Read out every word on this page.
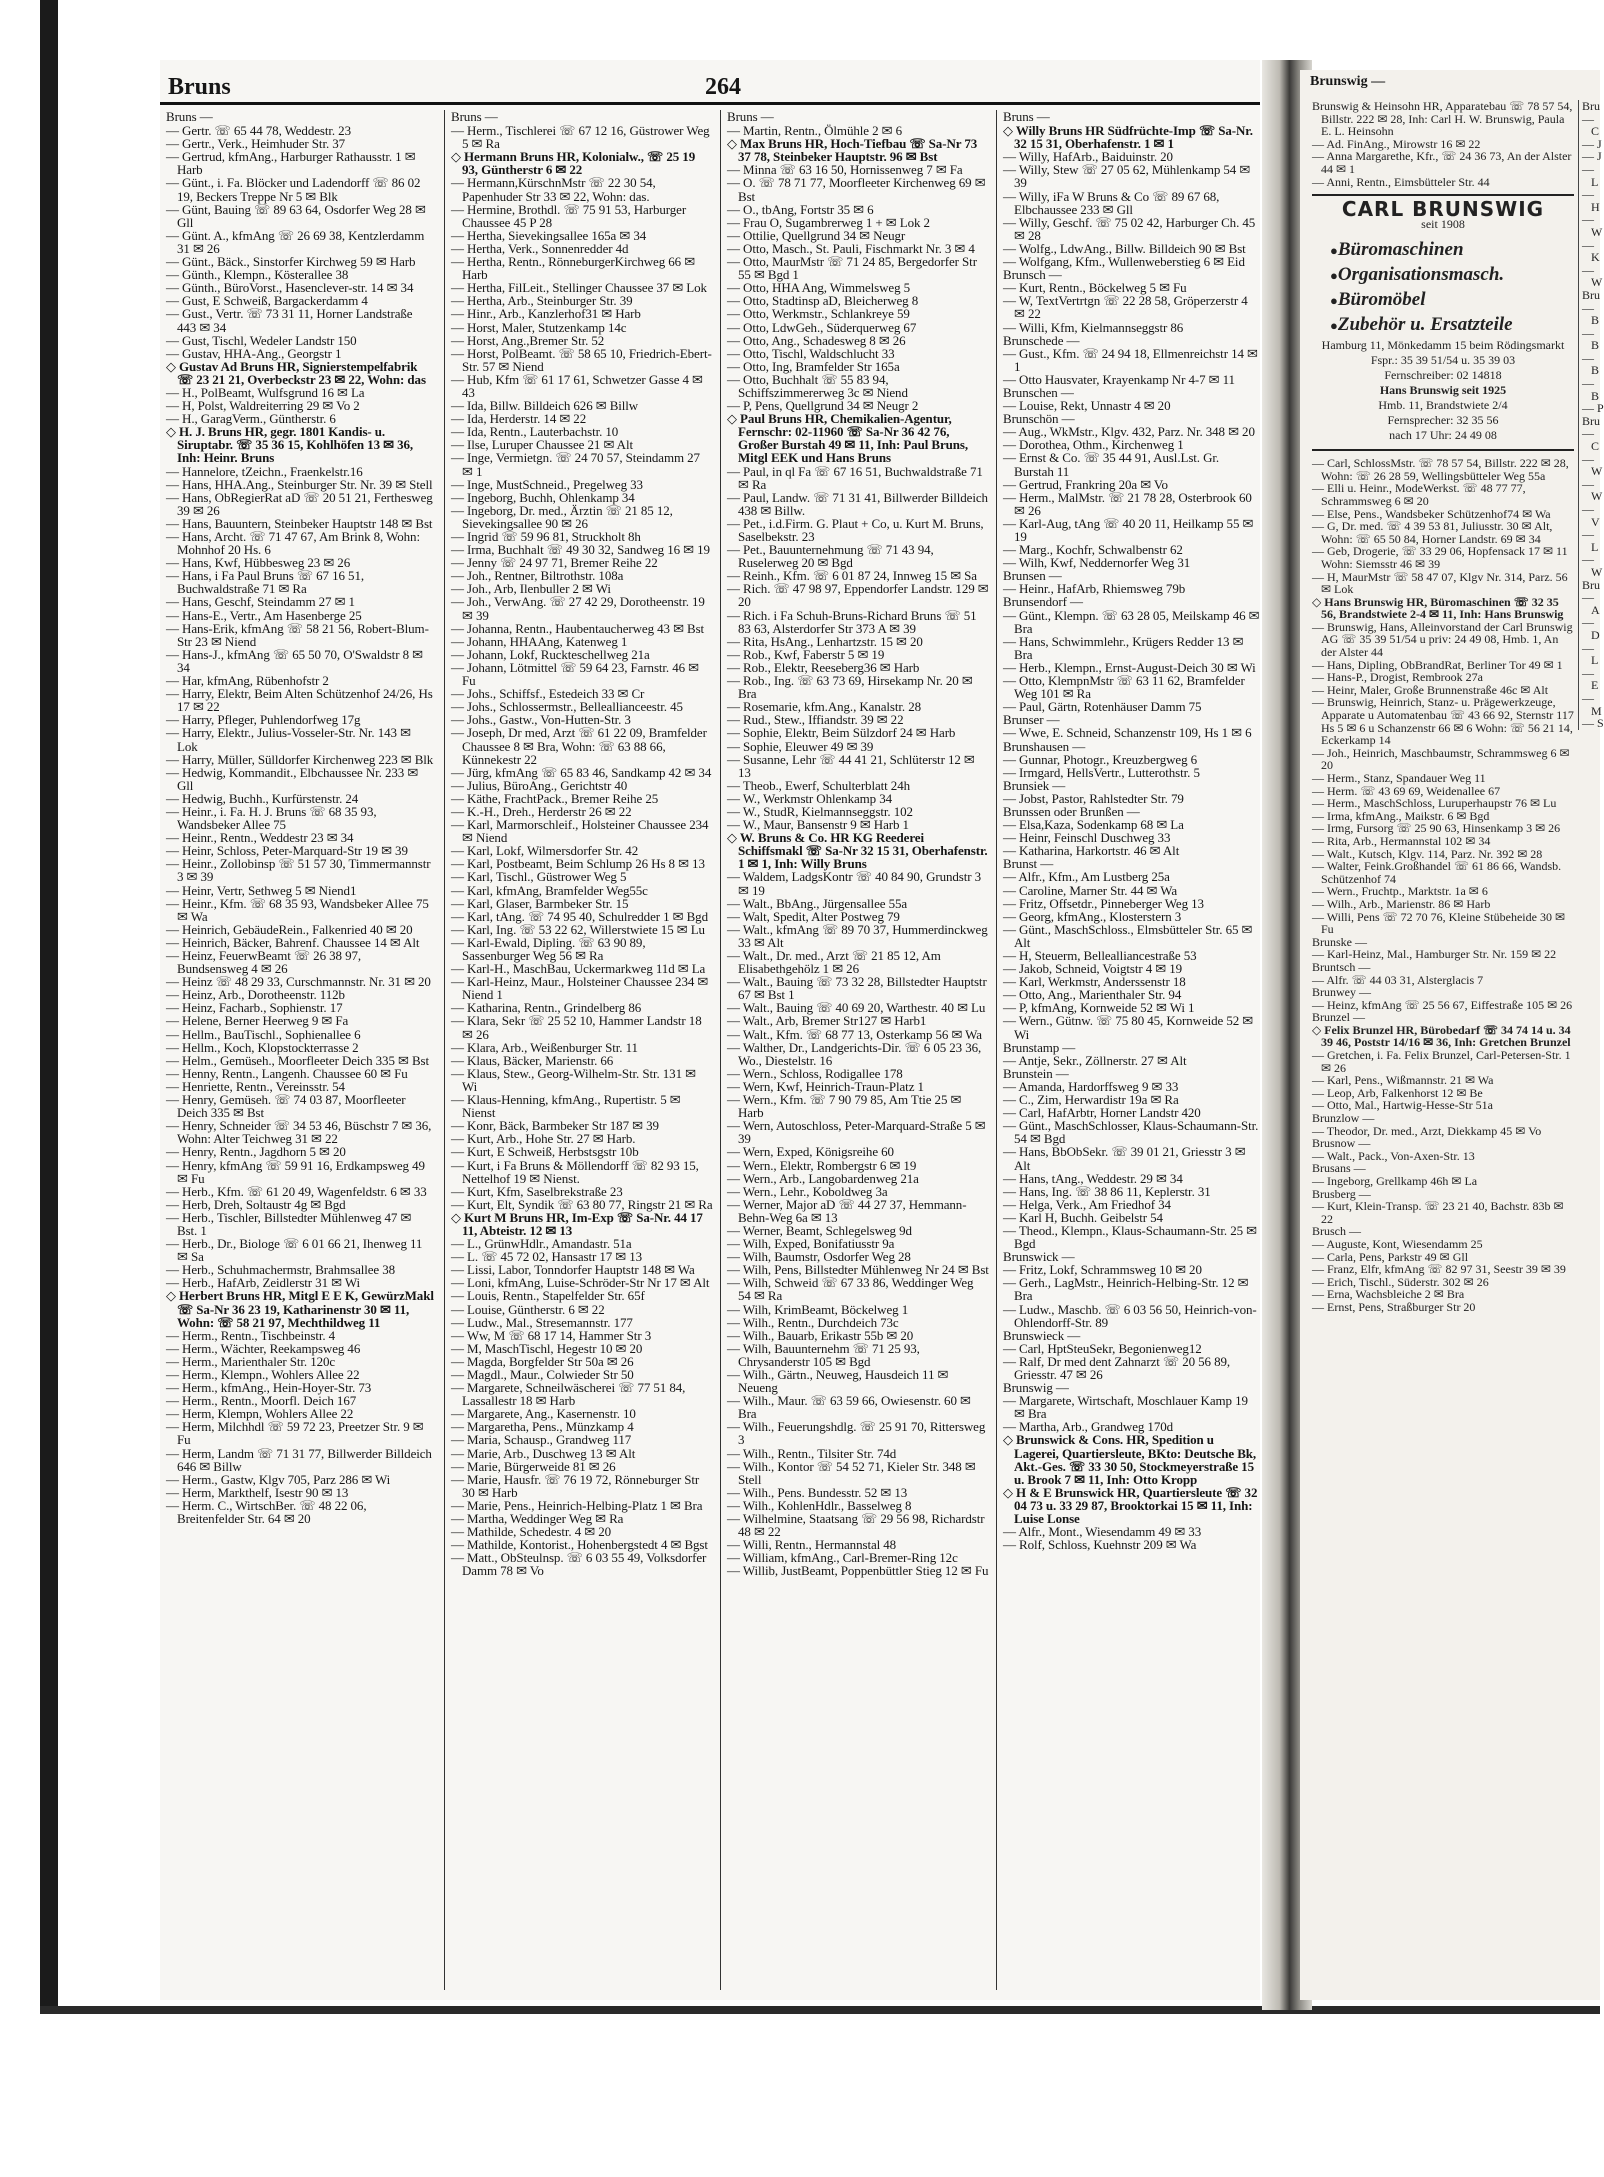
Bruns	264
Bruns —
— Gertr. ☏ 65 44 78, Weddestr. 23
— Gertr., Verk., Heimhuder Str. 37
— Gertrud, kfmAng., Harburger Rathausstr. 1 ✉ Harb
— Günt., i. Fa. Blöcker und Ladendorff ☏ 86 02 19, Beckers Treppe Nr 5 ✉ Blk
— Günt, Bauing ☏ 89 63 64, Osdorfer Weg 28 ✉ Gll
— Günt. A., kfmAng ☏ 26 69 38, Kentzlerdamm 31 ✉ 26
— Günt., Bäck., Sinstorfer Kirchweg 59 ✉ Harb
— Günth., Klempn., Kösterallee 38
— Günth., BüroVorst., Hasenclever-str. 14 ✉ 34
— Gust, E Schweiß, Bargackerdamm 4
— Gust., Vertr. ☏ 73 31 11, Horner Landstraße 443 ✉ 34
— Gust, Tischl, Wedeler Landstr 150
— Gustav, HHA-Ang., Georgstr 1
◇ Gustav Ad Bruns HR, Signierstempelfabrik ☏ 23 21 21, Overbeckstr 23 ✉ 22, Wohn: das
— H., PolBeamt, Wulfsgrund 16 ✉ La
— H, Polst, Waldreiterring 29 ✉ Vo 2
— H., GaragVerm., Güntherstr. 6
◇ H. J. Bruns HR, gegr. 1801 Kandis- u. Siruptabr. ☏ 35 36 15, Kohlhöfen 13 ✉ 36, Inh: Heinr. Bruns
— Hannelore, tZeichn., Fraenkelstr.16
— Hans, HHA.Ang., Steinburger Str. Nr. 39 ✉ Stell
— Hans, ObRegierRat aD ☏ 20 51 21, Ferthesweg 39 ✉ 26
— Hans, Bauuntern, Steinbeker Hauptstr 148 ✉ Bst
— Hans, Archt. ☏ 71 47 67, Am Brink 8, Wohn: Mohnhof 20 Hs. 6
— Hans, Kwf, Hübbesweg 23 ✉ 26
— Hans, i Fa Paul Bruns ☏ 67 16 51, Buchwaldstraße 71 ✉ Ra
— Hans, Geschf, Steindamm 27 ✉ 1
— Hans-E., Vertr., Am Hasenberge 25
— Hans-Erik, kfmAng ☏ 58 21 56, Robert-Blum-Str 23 ✉ Niend
— Hans-J., kfmAng ☏ 65 50 70, O'Swaldstr 8 ✉ 34
— Har, kfmAng, Rübenhofstr 2
— Harry, Elektr, Beim Alten Schützenhof 24/26, Hs 17 ✉ 22
— Harry, Pfleger, Puhlendorfweg 17g
— Harry, Elektr., Julius-Vosseler-Str. Nr. 143 ✉ Lok
— Harry, Müller, Sülldorfer Kirchenweg 223 ✉ Blk
— Hedwig, Kommandit., Elbchaussee Nr. 233 ✉ Gll
— Hedwig, Buchh., Kurfürstenstr. 24
— Heinr., i. Fa. H. J. Bruns ☏ 68 35 93, Wandsbeker Allee 75
— Heinr., Rentn., Weddestr 23 ✉ 34
— Heinr, Schloss, Peter-Marquard-Str 19 ✉ 39
— Heinr., Zollobinsp ☏ 51 57 30, Timmermannstr 3 ✉ 39
— Heinr, Vertr, Sethweg 5 ✉ Niend1
— Heinr., Kfm. ☏ 68 35 93, Wandsbeker Allee 75 ✉ Wa
— Heinrich, GebäudeRein., Falkenried 40 ✉ 20
— Heinrich, Bäcker, Bahrenf. Chaussee 14 ✉ Alt
— Heinz, FeuerwBeamt ☏ 26 38 97, Bundsensweg 4 ✉ 26
— Heinz ☏ 48 29 33, Curschmannstr. Nr. 31 ✉ 20
— Heinz, Arb., Dorotheenstr. 112b
— Heinz, Facharb., Sophienstr. 17
— Helene, Berner Heerweg 9 ✉ Fa
— Hellm., BauTischl., Sophienallee 6
— Hellm., Koch, Klopstockterrasse 2
— Helm., Gemüseh., Moorfleeter Deich 335 ✉ Bst
— Henny, Rentn., Langenh. Chaussee 60 ✉ Fu
— Henriette, Rentn., Vereinsstr. 54
— Henry, Gemüseh. ☏ 74 03 87, Moorfleeter Deich 335 ✉ Bst
— Henry, Schneider ☏ 34 53 46, Büschstr 7 ✉ 36, Wohn: Alter Teichweg 31 ✉ 22
— Henry, Rentn., Jagdhorn 5 ✉ 20
— Henry, kfmAng ☏ 59 91 16, Erdkampsweg 49 ✉ Fu
— Herb., Kfm. ☏ 61 20 49, Wagenfeldstr. 6 ✉ 33
— Herb, Dreh, Soltaustr 4g ✉ Bgd
— Herb., Tischler, Billstedter Mühlenweg 47 ✉ Bst. 1
— Herb., Dr., Biologe ☏ 6 01 66 21, Ihenweg 11 ✉ Sa
— Herb., Schuhmachermstr, Brahmsallee 38
— Herb., HafArb, Zeidlerstr 31 ✉ Wi
◇ Herbert Bruns HR, Mitgl E E K, GewürzMakl ☏ Sa-Nr 36 23 19, Katharinenstr 30 ✉ 11, Wohn: ☏ 58 21 97, Mechthildweg 11
— Herm., Rentn., Tischbeinstr. 4
— Herm., Wächter, Reekampsweg 46
— Herm., Marienthaler Str. 120c
— Herm., Klempn., Wohlers Allee 22
— Herm., kfmAng., Hein-Hoyer-Str. 73
— Herm., Rentn., Moorfl. Deich 167
— Herm, Klempn, Wohlers Allee 22
— Herm, Milchhdl ☏ 59 72 23, Preetzer Str. 9 ✉ Fu
— Herm, Landm ☏ 71 31 77, Billwerder Billdeich 646 ✉ Billw
— Herm., Gastw, Klgv 705, Parz 286 ✉ Wi
— Herm, Markthelf, Isestr 90 ✉ 13
— Herm. C., WirtschBer. ☏ 48 22 06, Breitenfelder Str. 64 ✉ 20
Bruns —
— Herm., Tischlerei ☏ 67 12 16, Güstrower Weg 5 ✉ Ra
◇ Hermann Bruns HR, Kolonialw., ☏ 25 19 93, Güntherstr 6 ✉ 22
— Hermann,KürschnMstr ☏ 22 30 54, Papenhuder Str 33 ✉ 22, Wohn: das.
— Hermine, Brothdl. ☏ 75 91 53, Harburger Chaussee 45 P 28
— Hertha, Sievekingsallee 165a ✉ 34
— Hertha, Verk., Sonnenredder 4d
— Hertha, Rentn., RönneburgerKirchweg 66 ✉ Harb
— Hertha, FilLeit., Stellinger Chaussee 37 ✉ Lok
— Hertha, Arb., Steinburger Str. 39
— Hinr., Arb., Kanzlerhof31 ✉ Harb
— Horst, Maler, Stutzenkamp 14c
— Horst, Ang.,Bremer Str. 52
— Horst, PolBeamt. ☏ 58 65 10, Friedrich-Ebert-Str. 57 ✉ Niend
— Hub, Kfm ☏ 61 17 61, Schwetzer Gasse 4 ✉ 43
— Ida, Billw. Billdeich 626 ✉ Billw
— Ida, Herderstr. 14 ✉ 22
— Ida, Rentn., Lauterbachstr. 10
— Ilse, Luruper Chaussee 21 ✉ Alt
— Inge, Vermietgn. ☏ 24 70 57, Steindamm 27 ✉ 1
— Inge, MustSchneid., Pregelweg 33
— Ingeborg, Buchh, Ohlenkamp 34
— Ingeborg, Dr. med., Ärztin ☏ 21 85 12, Sievekingsallee 90 ✉ 26
— Ingrid ☏ 59 96 81, Struckholt 8h
— Irma, Buchhalt ☏ 49 30 32, Sandweg 16 ✉ 19
— Jenny ☏ 24 97 71, Bremer Reihe 22
— Joh., Rentner, Biltrothstr. 108a
— Joh., Arb, Ilenbuller 2 ✉ Wi
— Joh., VerwAng. ☏ 27 42 29, Dorotheenstr. 19 ✉ 39
— Johanna, Rentn., Haubentaucherweg 43 ✉ Bst
— Johann, HHAAng, Katenweg 1
— Johann, Lokf, Ruckteschellweg 21a
— Johann, Lötmittel ☏ 59 64 23, Farnstr. 46 ✉ Fu
— Johs., Schiffsf., Estedeich 33 ✉ Cr
— Johs., Schlossermstr., Belleallianceestr. 45
— Johs., Gastw., Von-Hutten-Str. 3
— Joseph, Dr med, Arzt ☏ 61 22 09, Bramfelder Chaussee 8 ✉ Bra, Wohn: ☏ 63 88 66, Künnekestr 22
— Jürg, kfmAng ☏ 65 83 46, Sandkamp 42 ✉ 34
— Julius, BüroAng., Gerichtstr 40
— Käthe, FrachtPack., Bremer Reihe 25
— K.-H., Dreh., Herderstr 26 ✉ 22
— Karl, Marmorschleif., Holsteiner Chaussee 234 ✉ Niend
— Karl, Lokf, Wilmersdorfer Str. 42
— Karl, Postbeamt, Beim Schlump 26 Hs 8 ✉ 13
— Karl, Tischl., Güstrower Weg 5
— Karl, kfmAng, Bramfelder Weg55c
— Karl, Glaser, Barmbeker Str. 15
— Karl, tAng. ☏ 74 95 40, Schulredder 1 ✉ Bgd
— Karl, Ing. ☏ 53 22 62, Willerstwiete 15 ✉ Lu
— Karl-Ewald, Dipling. ☏ 63 90 89, Sassenburger Weg 56 ✉ Ra
— Karl-H., MaschBau, Uckermarkweg 11d ✉ La
— Karl-Heinz, Maur., Holsteiner Chaussee 234 ✉ Niend 1
— Katharina, Rentn., Grindelberg 86
— Klara, Sekr ☏ 25 52 10, Hammer Landstr 18 ✉ 26
— Klara, Arb., Weißenburger Str. 11
— Klaus, Bäcker, Marienstr. 66
— Klaus, Stew., Georg-Wilhelm-Str. Str. 131 ✉ Wi
— Klaus-Henning, kfmAng., Rupertistr. 5 ✉ Nienst
— Konr, Bäck, Barmbeker Str 187 ✉ 39
— Kurt, Arb., Hohe Str. 27 ✉ Harb.
— Kurt, E Schweiß, Herbstsgstr 10b
— Kurt, i Fa Bruns & Möllendorff ☏ 82 93 15, Nettelhof 19 ✉ Nienst.
— Kurt, Kfm, Saselbrekstraße 23
— Kurt, Elt, Syndik ☏ 63 80 77, Ringstr 21 ✉ Ra
◇ Kurt M Bruns HR, Im-Exp ☏ Sa-Nr. 44 17 11, Abteistr. 12 ✉ 13
— L., GrünwHdlr., Amandastr. 51a
— L. ☏ 45 72 02, Hansastr 17 ✉ 13
— Lissi, Labor, Tonndorfer Hauptstr 148 ✉ Wa
— Loni, kfmAng, Luise-Schröder-Str Nr 17 ✉ Alt
— Louis, Rentn., Stapelfelder Str. 65f
— Louise, Güntherstr. 6 ✉ 22
— Ludw., Mal., Stresemannstr. 177
— Ww, M ☏ 68 17 14, Hammer Str 3
— M, MaschTischl, Hegestr 10 ✉ 20
— Magda, Borgfelder Str 50a ✉ 26
— Magdl., Maur., Colwieder Str 50
— Margarete, Schneilwäscherei ☏ 77 51 84, Lassallestr 18 ✉ Harb
— Margarete, Ang., Kasernenstr. 10
— Margaretha, Pens., Münzkamp 4
— Maria, Schausp., Grandweg 117
— Marie, Arb., Duschweg 13 ✉ Alt
— Marie, Bürgerweide 81 ✉ 26
— Marie, Hausfr. ☏ 76 19 72, Rönneburger Str 30 ✉ Harb
— Marie, Pens., Heinrich-Helbing-Platz 1 ✉ Bra
— Martha, Weddinger Weg ✉ Ra
— Mathilde, Schedestr. 4 ✉ 20
— Mathilde, Kontorist., Hohenbergstedt 4 ✉ Bgst
— Matt., ObSteulnsp. ☏ 6 03 55 49, Volksdorfer Damm 78 ✉ Vo
Bruns —
— Martin, Rentn., Ölmühle 2 ✉ 6
◇ Max Bruns HR, Hoch-Tiefbau ☏ Sa-Nr 73 37 78, Steinbeker Hauptstr. 96 ✉ Bst
— Minna ☏ 63 16 50, Hornissenweg 7 ✉ Fa
— O. ☏ 78 71 77, Moorfleeter Kirchenweg 69 ✉ Bst
— O., tbAng, Fortstr 35 ✉ 6
— Frau O, Sugambrerweg 1 + ✉ Lok 2
— Ottilie, Quellgrund 34 ✉ Neugr
— Otto, Masch., St. Pauli, Fischmarkt Nr. 3 ✉ 4
— Otto, MaurMstr ☏ 71 24 85, Bergedorfer Str 55 ✉ Bgd 1
— Otto, HHA Ang, Wimmelsweg 5
— Otto, Stadtinsp aD, Bleicherweg 8
— Otto, Werkmstr., Schlankreye 59
— Otto, LdwGeh., Süderquerweg 67
— Otto, Ang., Schadesweg 8 ✉ 26
— Otto, Tischl, Waldschlucht 33
— Otto, Ing, Bramfelder Str 165a
— Otto, Buchhalt ☏ 55 83 94, Schiffszimmererweg 3c ✉ Niend
— P, Pens, Quellgrund 34 ✉ Neugr 2
◇ Paul Bruns HR, Chemikalien-Agentur, Fernschr: 02-11960 ☏ Sa-Nr 36 42 76, Großer Burstah 49 ✉ 11, Inh: Paul Bruns, Mitgl EEK und Hans Bruns
— Paul, in ql Fa ☏ 67 16 51, Buchwaldstraße 71 ✉ Ra
— Paul, Landw. ☏ 71 31 41, Billwerder Billdeich 438 ✉ Billw.
— Pet., i.d.Firm. G. Plaut + Co, u. Kurt M. Bruns, Saselbekstr. 23
— Pet., Bauunternehmung ☏ 71 43 94, Ruselerweg 20 ✉ Bgd
— Reinh., Kfm. ☏ 6 01 87 24, Innweg 15 ✉ Sa
— Rich. ☏ 47 98 97, Eppendorfer Landstr. 129 ✉ 20
— Rich. i Fa Schuh-Bruns-Richard Bruns ☏ 51 83 63, Alsterdorfer Str 373 A ✉ 39
— Rita, HsAng., Lenhartzstr. 15 ✉ 20
— Rob., Kwf, Faberstr 5 ✉ 19
— Rob., Elektr, Reeseberg36 ✉ Harb
— Rob., Ing. ☏ 63 73 69, Hirsekamp Nr. 20 ✉ Bra
— Rosemarie, kfm.Ang., Kanalstr. 28
— Rud., Stew., Iffiandstr. 39 ✉ 22
— Sophie, Elektr, Beim Sülzdorf 24 ✉ Harb
— Sophie, Eleuwer 49 ✉ 39
— Susanne, Lehr ☏ 44 41 21, Schlüterstr 12 ✉ 13
— Theob., Ewerf, Schulterblatt 24h
— W., Werkmstr Ohlenkamp 34
— W., StudR, Kielmannseggstr. 102
— W., Maur, Bansenstr 9 ✉ Harb 1
◇ W. Bruns & Co. HR KG Reederei Schiffsmakl ☏ Sa-Nr 32 15 31, Oberhafenstr. 1 ✉ 1, Inh: Willy Bruns
— Waldem, LadgsKontr ☏ 40 84 90, Grundstr 3 ✉ 19
— Walt., BbAng., Jürgensallee 55a
— Walt, Spedit, Alter Postweg 79
— Walt., kfmAng ☏ 89 70 37, Hummerdinckweg 33 ✉ Alt
— Walt., Dr. med., Arzt ☏ 21 85 12, Am Elisabethgehölz 1 ✉ 26
— Walt., Bauing ☏ 73 32 28, Billstedter Hauptstr 67 ✉ Bst 1
— Walt., Bauing ☏ 40 69 20, Warthestr. 40 ✉ Lu
— Walt., Arb, Bremer Str127 ✉ Harb1
— Walt., Kfm. ☏ 68 77 13, Osterkamp 56 ✉ Wa
— Walther, Dr., Landgerichts-Dir. ☏ 6 05 23 36, Wo., Diestelstr. 16
— Wern., Schloss, Rodigallee 178
— Wern, Kwf, Heinrich-Traun-Platz 1
— Wern., Kfm. ☏ 7 90 79 85, Am Ttie 25 ✉ Harb
— Wern, Autoschloss, Peter-Marquard-Straße 5 ✉ 39
— Wern, Exped, Königsreihe 60
— Wern., Elektr, Rombergstr 6 ✉ 19
— Wern., Arb., Langobardenweg 21a
— Wern., Lehr., Koboldweg 3a
— Werner, Major aD ☏ 44 27 37, Hemmann-Behn-Weg 6a ✉ 13
— Werner, Beamt, Schlegelsweg 9d
— Wilh, Exped, Bonifatiusstr 9a
— Wilh, Baumstr, Osdorfer Weg 28
— Wilh, Pens, Billstedter Mühlenweg Nr 24 ✉ Bst
— Wilh, Schweid ☏ 67 33 86, Weddinger Weg 54 ✉ Ra
— Wilh, KrimBeamt, Böckelweg 1
— Wilh., Rentn., Durchdeich 73c
— Wilh., Bauarb, Erikastr 55b ✉ 20
— Wilh, Bauunternehm ☏ 71 25 93, Chrysanderstr 105 ✉ Bgd
— Wilh., Gärtn., Neuweg, Hausdeich 11 ✉ Neueng
— Wilh., Maur. ☏ 63 59 66, Owiesenstr. 60 ✉ Bra
— Wilh., Feuerungshdlg. ☏ 25 91 70, Rittersweg 3
— Wilh., Rentn., Tilsiter Str. 74d
— Wilh., Kontor ☏ 54 52 71, Kieler Str. 348 ✉ Stell
— Wilh., Pens. Bundesstr. 52 ✉ 13
— Wilh., KohlenHdlr., Basselweg 8
— Wilhelmine, Staatsang ☏ 29 56 98, Richardstr 48 ✉ 22
— Willi, Rentn., Hermannstal 48
— William, kfmAng., Carl-Bremer-Ring 12c
— Willib, JustBeamt, Poppenbüttler Stieg 12 ✉ Fu
Bruns —
◇ Willy Bruns HR Südfrüchte-Imp ☏ Sa-Nr. 32 15 31, Oberhafenstr. 1 ✉ 1
— Willy, HafArb., Baiduinstr. 20
— Willy, Stew ☏ 27 05 62, Mühlenkamp 54 ✉ 39
— Willy, iFa W Bruns & Co ☏ 89 67 68, Elbchaussee 233 ✉ Gll
— Willy, Geschf. ☏ 75 02 42, Harburger Ch. 45 ✉ 28
— Wolfg., LdwAng., Billw. Billdeich 90 ✉ Bst
— Wolfgang, Kfm., Wullenweberstieg 6 ✉ Eid
Brunsch —
— Kurt, Rentn., Böckelweg 5 ✉ Fu
— W, TextVertrtgn ☏ 22 28 58, Gröperzerstr 4 ✉ 22
— Willi, Kfm, Kielmannseggstr 86
Brunschede —
— Gust., Kfm. ☏ 24 94 18, Ellmenreichstr 14 ✉ 1
— Otto Hausvater, Krayenkamp Nr 4-7 ✉ 11
Brunschen —
— Louise, Rekt, Unnastr 4 ✉ 20
Brunschön —
— Aug., WkMstr., Klgv. 432, Parz. Nr. 348 ✉ 20
— Dorothea, Othm., Kirchenweg 1
— Ernst & Co. ☏ 35 44 91, Ausl.Lst. Gr. Burstah 11
— Gertrud, Frankring 20a ✉ Vo
— Herm., MalMstr. ☏ 21 78 28, Osterbrook 60 ✉ 26
— Karl-Aug, tAng ☏ 40 20 11, Heilkamp 55 ✉ 19
— Marg., Kochfr, Schwalbenstr 62
— Wilh, Kwf, Neddernorfer Weg 31
Brunsen —
— Heinr., HafArb, Rhiemsweg 79b
Brunsendorf —
— Günt., Klempn. ☏ 63 28 05, Meilskamp 46 ✉ Bra
— Hans, Schwimmlehr., Krügers Redder 13 ✉ Bra
— Herb., Klempn., Ernst-August-Deich 30 ✉ Wi
— Otto, KlempnMstr ☏ 63 11 62, Bramfelder Weg 101 ✉ Ra
— Paul, Gärtn, Rotenhäuser Damm 75
Brunser —
— Wwe, E. Schneid, Schanzenstr 109, Hs 1 ✉ 6
Brunshausen —
— Gunnar, Photogr., Kreuzbergweg 6
— Irmgard, HellsVertr., Lutterothstr. 5
Brunsiek —
— Jobst, Pastor, Rahlstedter Str. 79
Brunssen oder Brunßen —
— Elsa,Kaza, Sodenkamp 68 ✉ La
— Heinr, Feinschl Duschweg 33
— Katharina, Harkortstr. 46 ✉ Alt
Brunst —
— Alfr., Kfm., Am Lustberg 25a
— Caroline, Marner Str. 44 ✉ Wa
— Fritz, Offsetdr., Pinneberger Weg 13
— Georg, kfmAng., Klosterstern 3
— Günt., MaschSchloss., Elmsbütteler Str. 65 ✉ Alt
— H, Steuerm, Bellealliancestraße 53
— Jakob, Schneid, Voigtstr 4 ✉ 19
— Karl, Werkmstr, Anderssenstr 18
— Otto, Ang., Marienthaler Str. 94
— P, kfmAng, Kornweide 52 ✉ Wi 1
— Wern., Gütnw. ☏ 75 80 45, Kornweide 52 ✉ Wi
Brunstamp —
— Antje, Sekr., Zöllnerstr. 27 ✉ Alt
Brunstein —
— Amanda, Hardorffsweg 9 ✉ 33
— C., Zim, Herwardistr 19a ✉ Ra
— Carl, HafArbtr, Horner Landstr 420
— Günt., MaschSchlosser, Klaus-Schaumann-Str. 54 ✉ Bgd
— Hans, BbObSekr. ☏ 39 01 21, Griesstr 3 ✉ Alt
— Hans, tAng., Weddestr. 29 ✉ 34
— Hans, Ing. ☏ 38 86 11, Keplerstr. 31
— Helga, Verk., Am Friedhof 34
— Karl H, Buchh. Geibelstr 54
— Theod., Klempn., Klaus-Schaumann-Str. 25 ✉ Bgd
Brunswick —
— Fritz, Lokf, Schrammsweg 10 ✉ 20
— Gerh., LagMstr., Heinrich-Helbing-Str. 12 ✉ Bra
— Ludw., Maschb. ☏ 6 03 56 50, Heinrich-von-Ohlendorff-Str. 89
Brunswieck —
— Carl, HptSteuSekr, Begonienweg12
— Ralf, Dr med dent Zahnarzt ☏ 20 56 89, Griesstr. 47 ✉ 26
Brunswig —
— Margarete, Wirtschaft, Moschlauer Kamp 19 ✉ Bra
— Martha, Arb., Grandweg 170d
◇ Brunswick & Cons. HR, Spedition u Lagerei, Quartiersleute, BKto: Deutsche Bk, Akt.-Ges. ☏ 33 30 50, Stockmeyerstraße 15 u. Brook 7 ✉ 11, Inh: Otto Kropp
◇ H & E Brunswick HR, Quartiersleute ☏ 32 04 73 u. 33 29 87, Brooktorkai 15 ✉ 11, Inh: Luise Lonse
— Alfr., Mont., Wiesendamm 49 ✉ 33
— Rolf, Schloss, Kuehnstr 209 ✉ Wa
Brunswig —
Brunswig & Heinsohn HR, Apparatebau ☏ 78 57 54, Billstr. 222 ✉ 28, Inh: Carl H. W. Brunswig, Paula E. L. Heinsohn
— Ad. FinAng., Mirowstr 16 ✉ 22
— Anna Margarethe, Kfr., ☏ 24 36 73, An der Alster 44 ✉ 1
— Anni, Rentn., Eimsbütteler Str. 44
CARL BRUNSWIG
seit 1908
● Büromaschinen
● Organisationsmasch.
● Büromöbel
● Zubehör u. Ersatzteile
Hamburg 11, Mönkedamm 15 beim Rödingsmarkt
Fspr.: 35 39 51/54 u. 35 39 03
Fernschreiber: 02 14818
Hans Brunswig seit 1925
Hmb. 11, Brandstwiete 2/4
Fernsprecher: 32 35 56
nach 17 Uhr: 24 49 08
— Carl, SchlossMstr. ☏ 78 57 54, Billstr. 222 ✉ 28, Wohn: ☏ 26 28 59, Wellingsbütteler Weg 55a
— Elli u. Heinr., ModeWerkst. ☏ 48 77 77, Schrammsweg 6 ✉ 20
— Else, Pens., Wandsbeker Schützenhof74 ✉ Wa
— G, Dr. med. ☏ 4 39 53 81, Juliusstr. 30 ✉ Alt, Wohn: ☏ 65 50 84, Horner Landstr. 69 ✉ 34
— Geb, Drogerie, ☏ 33 29 06, Hopfensack 17 ✉ 11 Wohn: Siemsstr 46 ✉ 39
— H, MaurMstr ☏ 58 47 07, Klgv Nr. 314, Parz. 56 ✉ Lok
◇ Hans Brunswig HR, Büromaschinen ☏ 32 35 56, Brandstwiete 2-4 ✉ 11, Inh: Hans Brunswig
— Brunswig, Hans, Alleinvorstand der Carl Brunswig AG ☏ 35 39 51/54 u priv: 24 49 08, Hmb. 1, An der Alster 44
— Hans, Dipling, ObBrandRat, Berliner Tor 49 ✉ 1
— Hans-P., Drogist, Rembrook 27a
— Heinr, Maler, Große Brunnenstraße 46c ✉ Alt
— Brunswig, Heinrich, Stanz- u. Prägewerkzeuge, Apparate u Automatenbau ☏ 43 66 92, Sternstr 117 Hs 5 ✉ 6 u Schanzenstr 66 ✉ 6 Wohn: ☏ 56 21 14, Eckerkamp 14
— Joh., Heinrich, Maschbaumstr, Schrammsweg 6 ✉ 20
— Herm., Stanz, Spandauer Weg 11
— Herm. ☏ 43 69 69, Weidenallee 67
— Herm., MaschSchloss, Luruperhaupstr 76 ✉ Lu
— Irma, kfmAng., Maikstr. 6 ✉ Bgd
— Irmg, Fursorg ☏ 25 90 63, Hinsenkamp 3 ✉ 26
— Rita, Arb., Hermannstal 102 ✉ 34
— Walt., Kutsch, Klgv. 114, Parz. Nr. 392 ✉ 28
— Walter, Feink.Großhandel ☏ 61 86 66, Wandsb. Schützenhof 74
— Wern., Fruchtp., Marktstr. 1a ✉ 6
— Wilh., Arb., Marienstr. 86 ✉ Harb
— Willi, Pens ☏ 72 70 76, Kleine Stübeheide 30 ✉ Fu
Brunske —
— Karl-Heinz, Mal., Hamburger Str. Nr. 159 ✉ 22
Bruntsch —
— Alfr. ☏ 44 03 31, Alsterglacis 7
Brunwey —
— Heinz, kfmAng ☏ 25 56 67, Eiffestraße 105 ✉ 26
Brunzel —
◇ Felix Brunzel HR, Bürobedarf ☏ 34 74 14 u. 34 39 46, Poststr 14/16 ✉ 36, Inh: Gretchen Brunzel
— Gretchen, i. Fa. Felix Brunzel, Carl-Petersen-Str. 1 ✉ 26
— Karl, Pens., Wißmannstr. 21 ✉ Wa
— Leop, Arb, Falkenhorst 12 ✉ Be
— Otto, Mal., Hartwig-Hesse-Str 51a
Brunzlow —
— Theodor, Dr. med., Arzt, Diekkamp 45 ✉ Vo
Brusnow —
— Walt., Pack., Von-Axen-Str. 13
Brusans —
— Ingeborg, Grellkamp 46h ✉ La
Brusberg —
— Kurt, Klein-Transp. ☏ 23 21 40, Bachstr. 83b ✉ 22
Brusch —
— Auguste, Kont, Wiesendamm 25
— Carla, Pens, Parkstr 49 ✉ Gll
— Franz, Elfr, kfmAng ☏ 82 97 31, Seestr 39 ✉ 39
— Erich, Tischl., Süderstr. 302 ✉ 26
— Erna, Wachsbleiche 2 ✉ Bra
— Ernst, Pens, Straßburger Str 20
Bru
— C
— J
— J
— L
— H
— W
— K
— W
Bru
— B
— B
— B
— B
— P
Bru
— C
— W
— W
— V
— L
— W
Bru
— A
— D
— L
— E
— M
— S
